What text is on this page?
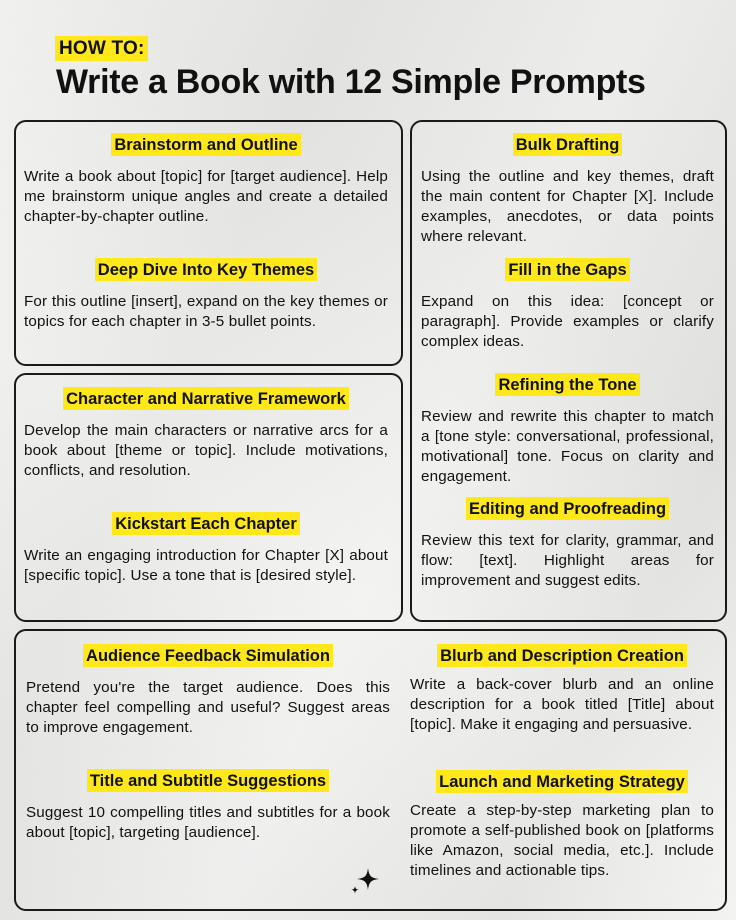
HOW TO:
Write a Book with 12 Simple Prompts
Brainstorm and Outline
Write a book about [topic] for [target audience]. Help me brainstorm unique angles and create a detailed chapter-by-chapter outline.
Deep Dive Into Key Themes
For this outline [insert], expand on the key themes or topics for each chapter in 3-5 bullet points.
Character and Narrative Framework
Develop the main characters or narrative arcs for a book about [theme or topic]. Include motivations, conflicts, and resolution.
Kickstart Each Chapter
Write an engaging introduction for Chapter [X] about [specific topic]. Use a tone that is [desired style].
Bulk Drafting
Using the outline and key themes, draft the main content for Chapter [X]. Include examples, anecdotes, or data points where relevant.
Fill in the Gaps
Expand on this idea: [concept or paragraph]. Provide examples or clarify complex ideas.
Refining the Tone
Review and rewrite this chapter to match a [tone style: conversational, professional, motivational] tone. Focus on clarity and engagement.
Editing and Proofreading
Review this text for clarity, grammar, and flow: [text]. Highlight areas for improvement and suggest edits.
Audience Feedback Simulation
Pretend you're the target audience. Does this chapter feel compelling and useful? Suggest areas to improve engagement.
Title and Subtitle Suggestions
Suggest 10 compelling titles and subtitles for a book about [topic], targeting [audience].
Blurb and Description Creation
Write a back-cover blurb and an online description for a book titled [Title] about [topic]. Make it engaging and persuasive.
Launch and Marketing Strategy
Create a step-by-step marketing plan to promote a self-published book on [platforms like Amazon, social media, etc.]. Include timelines and actionable tips.
